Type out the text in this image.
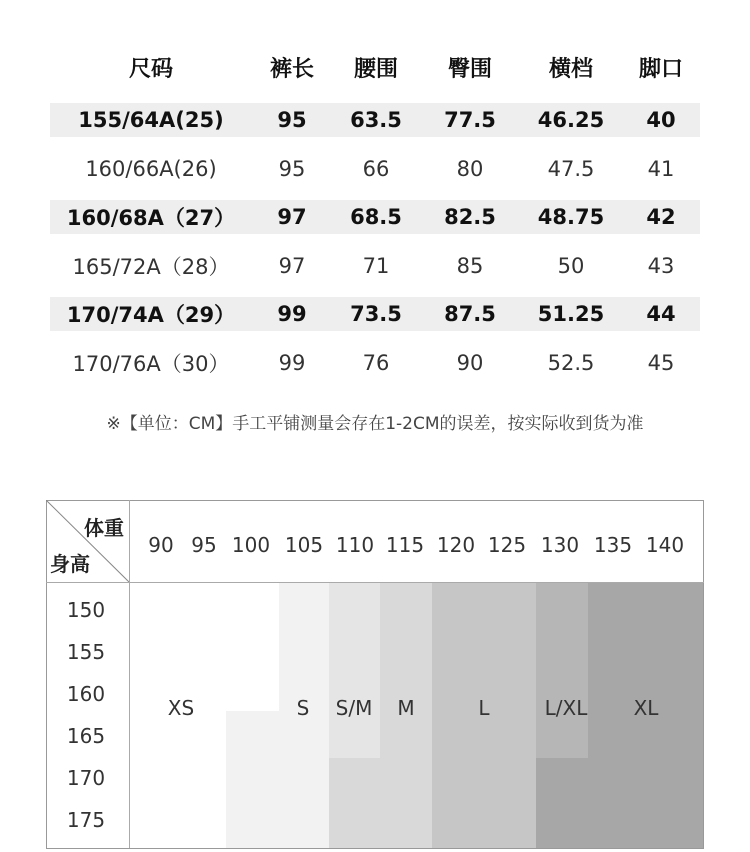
尺码	裤长	腰围	臀围	横档	脚口
155/64A(25)	95	63.5	77.5	46.25	40
160/66A(26)	95	66	80	47.5	41
160/68A（27）	97	68.5	82.5	48.75	42
165/72A（28）	97	71	85	50	43
170/74A（29）	99	73.5	87.5	51.25	44
170/76A（30）	99	76	90	52.5	45
※【单位：CM】手工平铺测量会存在1-2CM的误差，按实际收到货为准
体重
身高
90 95 100 105 110 115 120 125 130 135 140
150
155
160
165
170
175
XS	S	S/M	M	L	L/XL	XL
